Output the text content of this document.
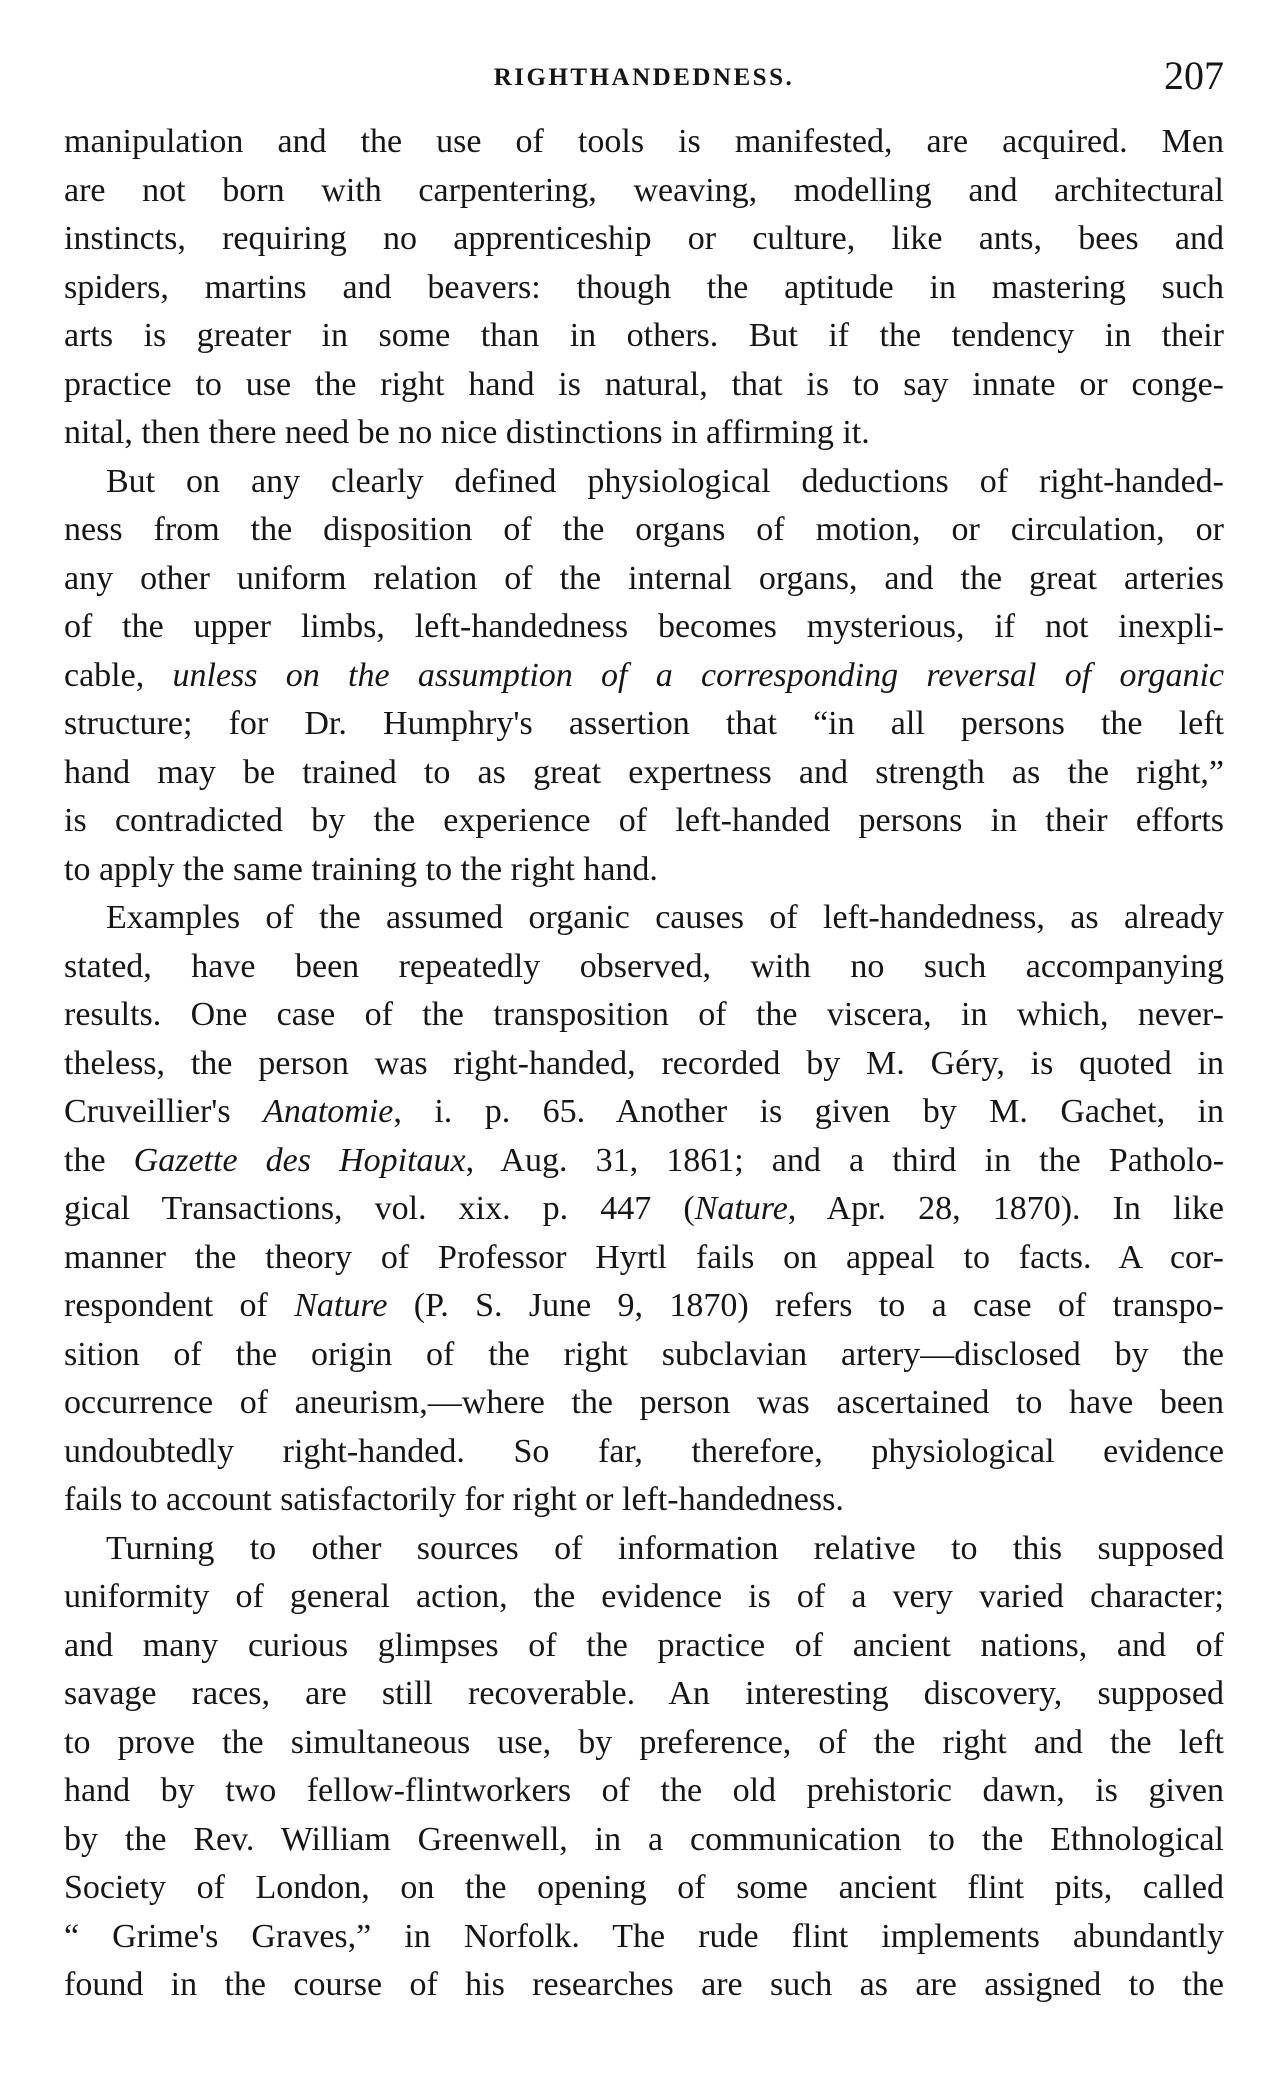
RIGHTHANDEDNESS.	207

manipulation and the use of tools is manifested, are acquired. Men
are not born with carpentering, weaving, modelling and architectural
instincts, requiring no apprenticeship or culture, like ants, bees and
spiders, martins and beavers: though the aptitude in mastering such
arts is greater in some than in others. But if the tendency in their
practice to use the right hand is natural, that is to say innate or conge-
nital, then there need be no nice distinctions in affirming it.

But on any clearly defined physiological deductions of right-handed-
ness from the disposition of the organs of motion, or circulation, or
any other uniform relation of the internal organs, and the great arteries
of the upper limbs, left-handedness becomes mysterious, if not inexpli-
cable, unless on the assumption of a corresponding reversal of organic
structure; for Dr. Humphry's assertion that “in all persons the left
hand may be trained to as great expertness and strength as the right,”
is contradicted by the experience of left-handed persons in their efforts
to apply the same training to the right hand.

Examples of the assumed organic causes of left-handedness, as already
stated, have been repeatedly observed, with no such accompanying
results. One case of the transposition of the viscera, in which, never-
theless, the person was right-handed, recorded by M. Géry, is quoted in
Cruveillier's Anatomie, i. p. 65. Another is given by M. Gachet, in
the Gazette des Hopitaux, Aug. 31, 1861; and a third in the Patholo-
gical Transactions, vol. xix. p. 447 (Nature, Apr. 28, 1870). In like
manner the theory of Professor Hyrtl fails on appeal to facts. A cor-
respondent of Nature (P. S. June 9, 1870) refers to a case of transpo-
sition of the origin of the right subclavian artery—disclosed by the
occurrence of aneurism,—where the person was ascertained to have been
undoubtedly right-handed. So far, therefore, physiological evidence
fails to account satisfactorily for right or left-handedness.

Turning to other sources of information relative to this supposed
uniformity of general action, the evidence is of a very varied character;
and many curious glimpses of the practice of ancient nations, and of
savage races, are still recoverable. An interesting discovery, supposed
to prove the simultaneous use, by preference, of the right and the left
hand by two fellow-flintworkers of the old prehistoric dawn, is given
by the Rev. William Greenwell, in a communication to the Ethnological
Society of London, on the opening of some ancient flint pits, called
“ Grime's Graves,” in Norfolk. The rude flint implements abundantly
found in the course of his researches are such as are assigned to the
